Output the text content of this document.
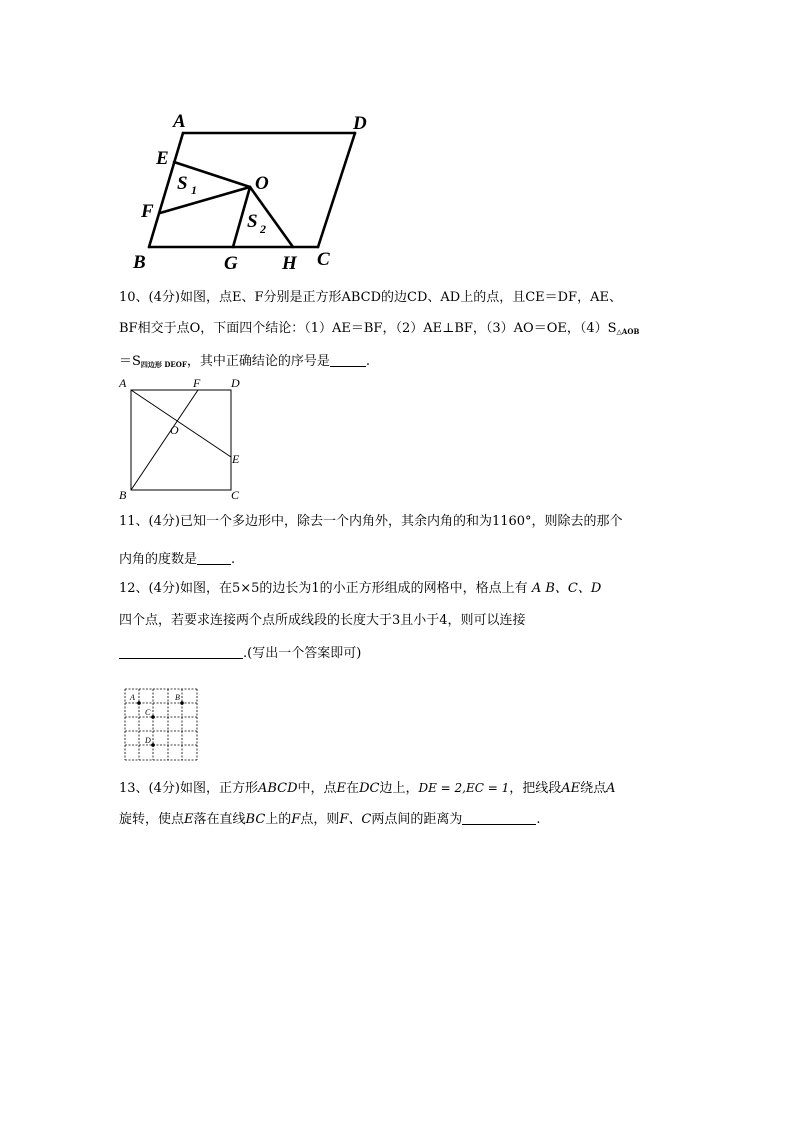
A	D
E
S 1	O
F	S 2
B	G H C
10、(4分)如图，点E、F分别是正方形ABCD的边CD、AD上的点，且CE＝DF，AE、
BF相交于点O，下面四个结论：（1）AE＝BF，（2）AE⊥BF，（3）AO＝OE，$(4)S_{\triangle AOB}$
$=S_{四边形 DEOF}$，其中正确结论的序号是	.
A	F	D
O
E
B	C
11、(4分)已知一个多边形中，除去一个内角外，其余内角的和为1160°，则除去的那个
内角的度数是	.
12、(4分)如图，在5×5的边长为1的小正方形组成的网格中，格点上有 A B、C、D
四个点，若要求连接两个点所成线段的长度大于3且小于4，则可以连接
.(写出一个答案即可)
A	B
C
D
13、(4分)如图，正方形ABCD中，点E在DC边上，DE = 2,EC = 1，把线段AE绕点A
旋转，使点E落在直线BC上的F点，则F、C两点间的距离为	.
